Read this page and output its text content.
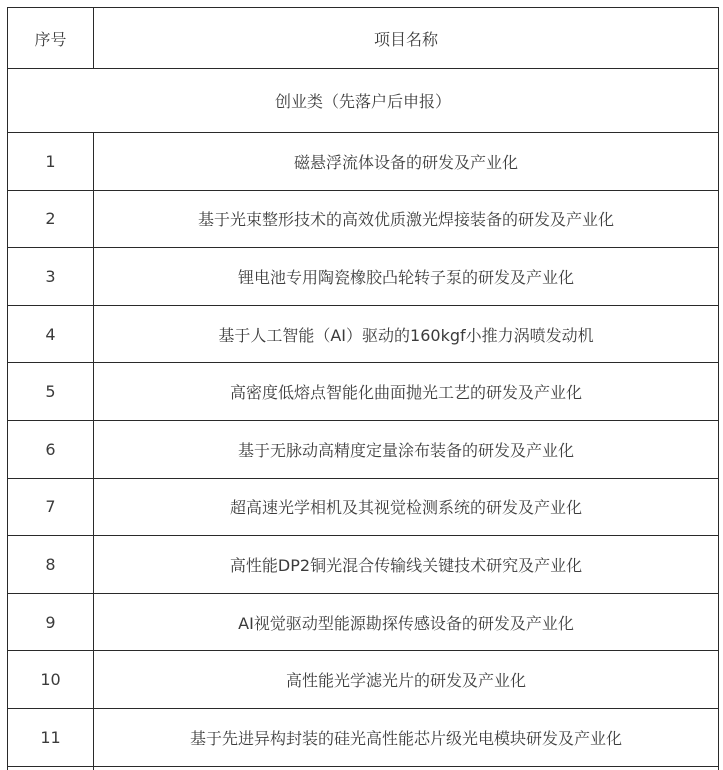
序号	项目名称
创业类（先落户后申报）	
1	磁悬浮流体设备的研发及产业化
2	基于光束整形技术的高效优质激光焊接装备的研发及产业化
3	锂电池专用陶瓷橡胶凸轮转子泵的研发及产业化
4	基于人工智能（AI）驱动的160kgf小推力涡喷发动机
5	高密度低熔点智能化曲面抛光工艺的研发及产业化
6	基于无脉动高精度定量涂布装备的研发及产业化
7	超高速光学相机及其视觉检测系统的研发及产业化
8	高性能DP2铜光混合传输线关键技术研究及产业化
9	AI视觉驱动型能源勘探传感设备的研发及产业化
10	高性能光学滤光片的研发及产业化
11	基于先进异构封装的硅光高性能芯片级光电模块研发及产业化
